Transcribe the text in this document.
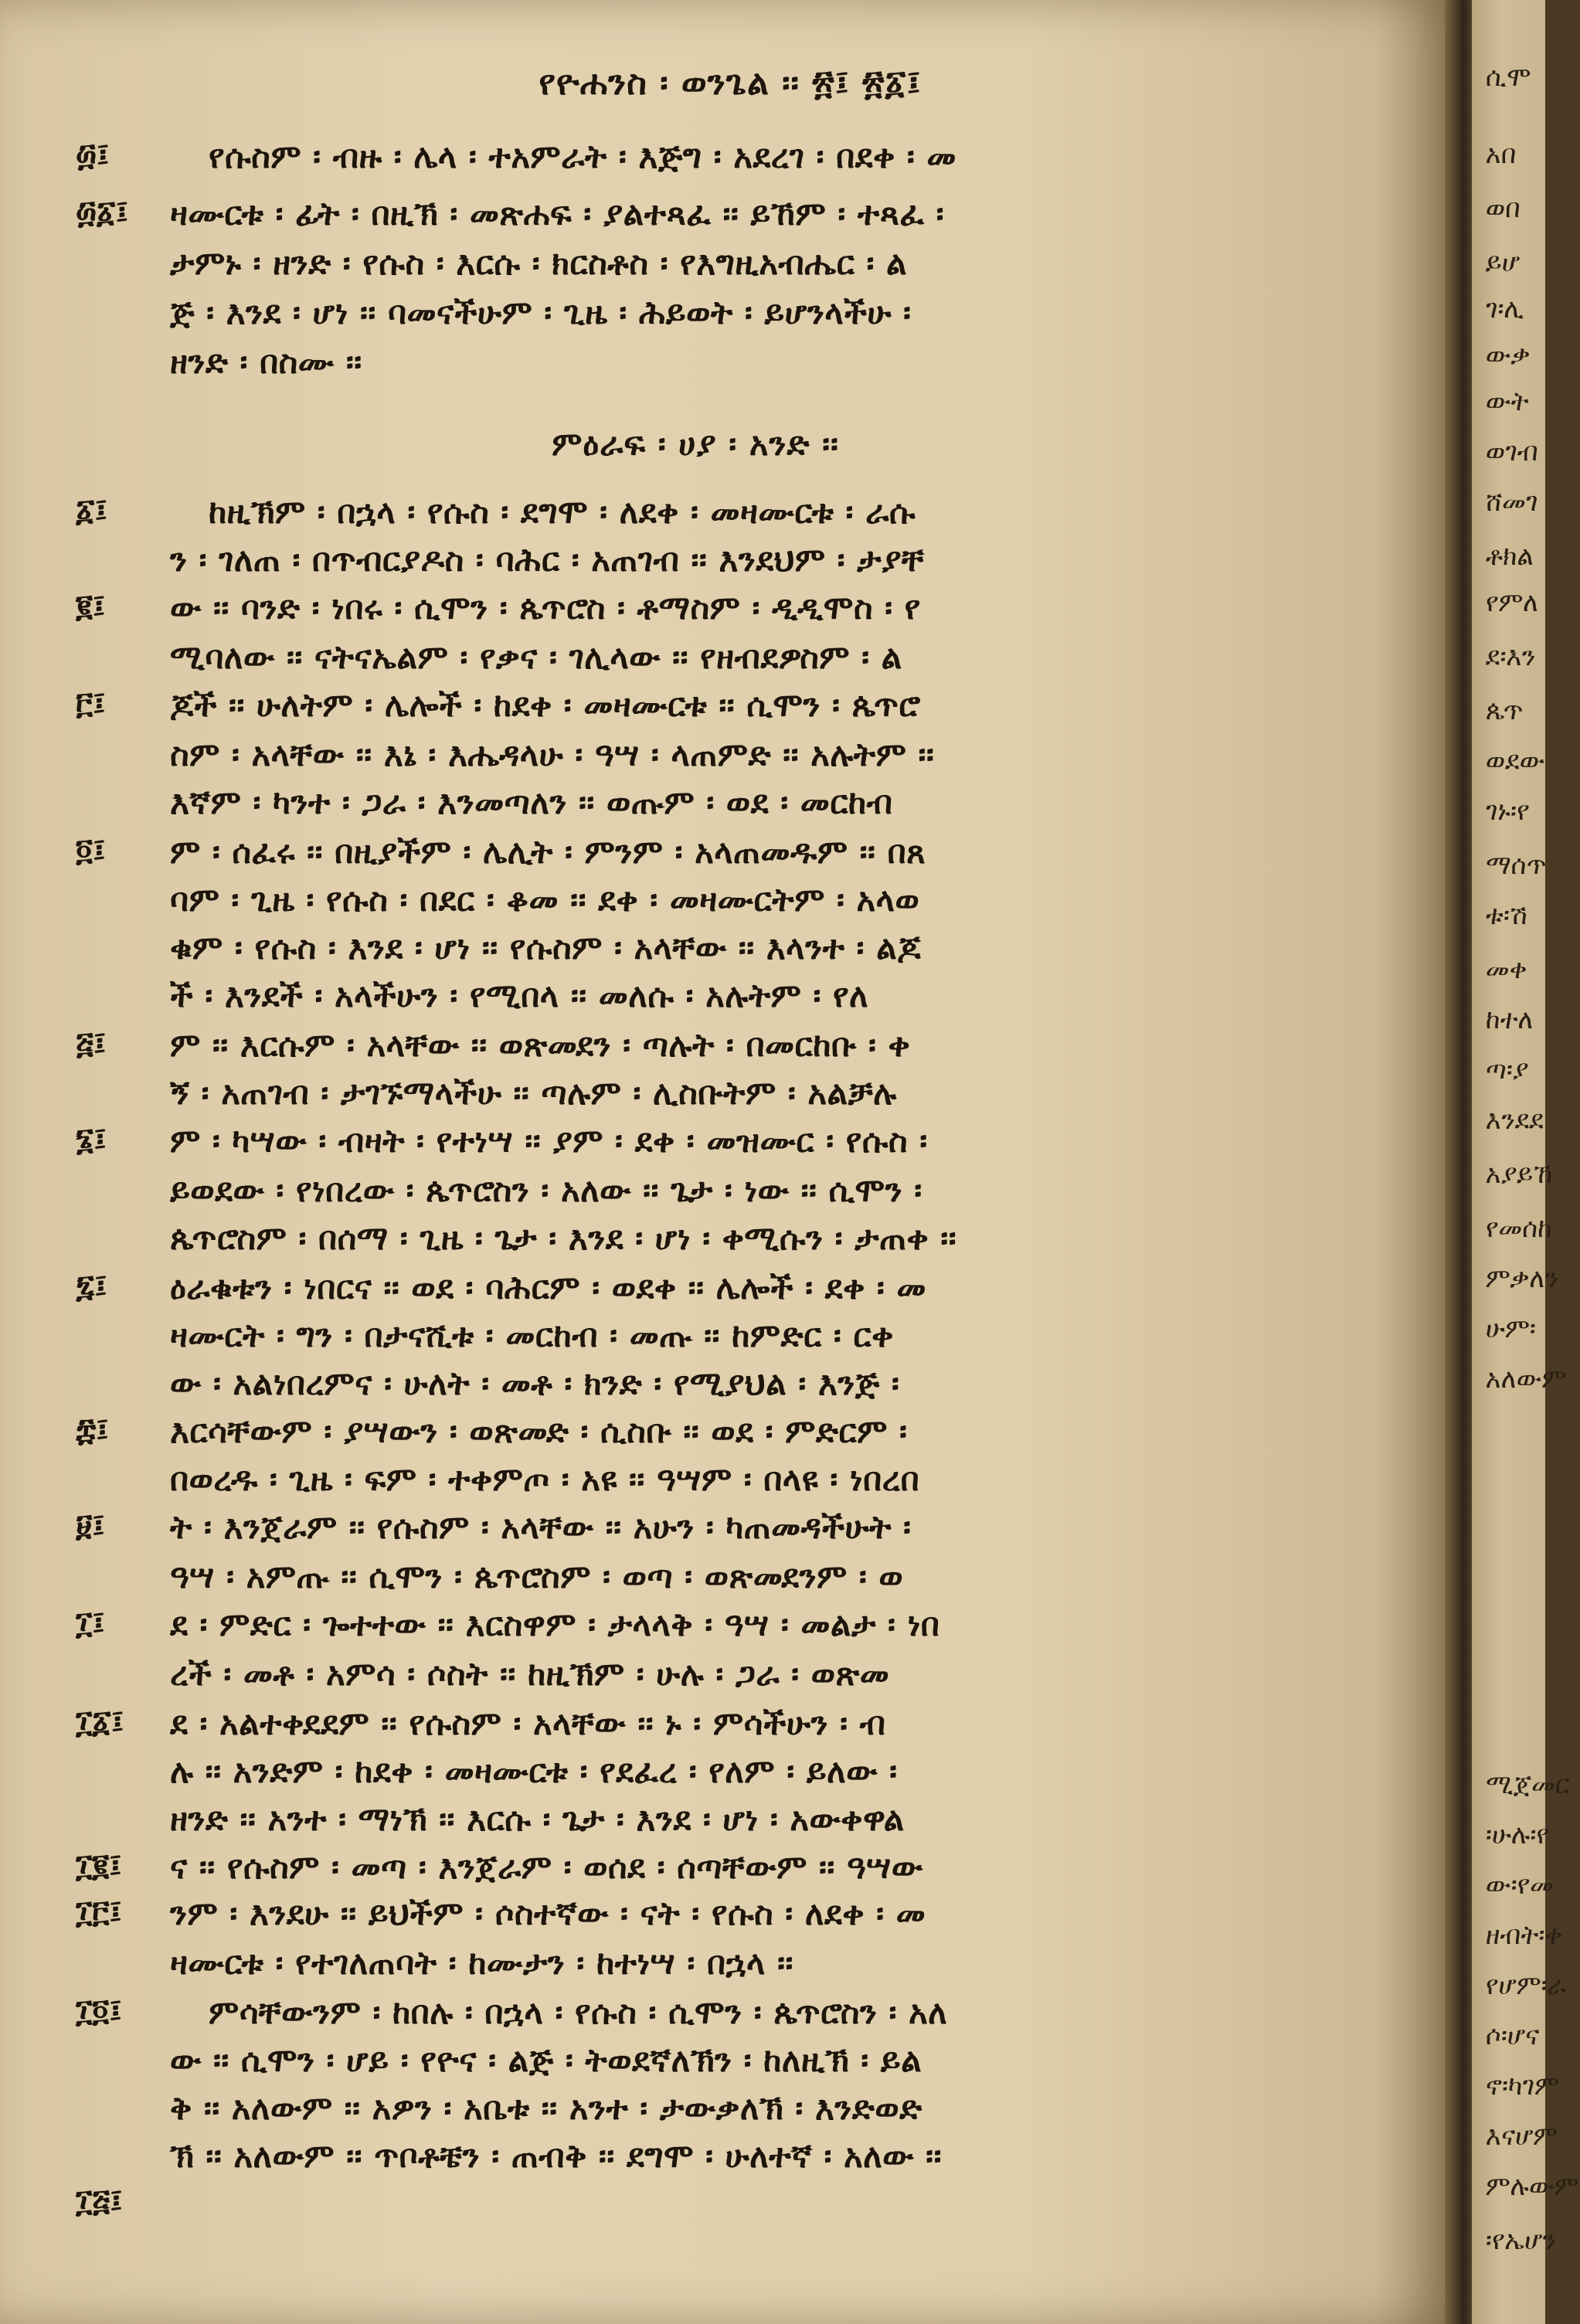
የዮሐንስ ፡ ወንጌል ፡፡ ፳፤ ፳፩፤
ምዕራፍ ፡ ሀያ ፡ አንድ ፡፡
፴፤
፴፩፤
፩፤
፪፤
፫፤
፬፤
፭፤
፮፤
፯፤
፰፤
፱፤
፲፤
፲፩፤
፲፪፤
፲፫፤
፲፬፤
፲፭፤
የሱስም ፡ ብዙ ፡ ሌላ ፡ ተአምራት ፡ እጅግ ፡ አደረገ ፡ በደቀ ፡ መ
ዛሙርቱ ፡ ፊት ፡ በዚኽ ፡ መጽሐፍ ፡ ያልተጻፈ ፡፡ ይኸም ፡ ተጻፈ ፡
ታምኑ ፡ ዘንድ ፡ የሱስ ፡ እርሱ ፡ ክርስቶስ ፡ የእግዚአብሔር ፡ ል
ጅ ፡ እንደ ፡ ሆነ ፡፡ ባመናችሁም ፡ ጊዜ ፡ ሕይወት ፡ ይሆንላችሁ ፡
ዘንድ ፡ በስሙ ፡፡
ከዚኽም ፡ በኋላ ፡ የሱስ ፡ ደግሞ ፡ ለደቀ ፡ መዛሙርቱ ፡ ራሱ
ን ፡ ገለጠ ፡ በጥብርያዶስ ፡ ባሕር ፡ አጠገብ ፡፡ እንደህም ፡ ታያቸ
ው ፡፡ ባንድ ፡ ነበሩ ፡ ሲሞን ፡ ጴጥሮስ ፡ ቶማስም ፡ ዲዲሞስ ፡ የ
ሚባለው ፡፡ ናትናኤልም ፡ የቃና ፡ ገሊላው ፡፡ የዘብደዎስም ፡ ል
ጆች ፡፡ ሁለትም ፡ ሌሎች ፡ ከደቀ ፡ መዛሙርቱ ፡፡ ሲሞን ፡ ጴጥሮ
ስም ፡ አላቸው ፡፡ እኔ ፡ እሔዳላሁ ፡ ዓሣ ፡ ላጠምድ ፡፡ አሉትም ፡፡
እኛም ፡ ካንተ ፡ ጋራ ፡ እንመጣለን ፡፡ ወጡም ፡ ወደ ፡ መርከብ
ም ፡ ሰፈሩ ፡፡ በዚያችም ፡ ሌሊት ፡ ምንም ፡ አላጠመዱም ፡፡ በጸ
ባም ፡ ጊዜ ፡ የሱስ ፡ በደር ፡ ቆመ ፡፡ ደቀ ፡ መዛሙርትም ፡ አላወ
ቁም ፡ የሱስ ፡ እንደ ፡ ሆነ ፡፡ የሱስም ፡ አላቸው ፡፡ እላንተ ፡ ልጆ
ች ፡ እንደች ፡ አላችሁን ፡ የሚበላ ፡፡ መለሱ ፡ አሉትም ፡ የለ
ም ፡፡ እርሱም ፡ አላቸው ፡፡ ወጽመደን ፡ ጣሉት ፡ በመርከቡ ፡ ቀ
ኝ ፡ አጠገብ ፡ ታገኙማላችሁ ፡፡ ጣሉም ፡ ሊስቡትም ፡ አልቻሉ
ም ፡ ካሣው ፡ ብዛት ፡ የተነሣ ፡፡ ያም ፡ ደቀ ፡ መዝሙር ፡ የሱስ ፡
ይወደው ፡ የነበረው ፡ ጴጥሮስን ፡ አለው ፡፡ ጌታ ፡ ነው ፡፡ ሲሞን ፡
ጴጥሮስም ፡ በሰማ ፡ ጊዜ ፡ ጌታ ፡ እንደ ፡ ሆነ ፡ ቀሚሱን ፡ ታጠቀ ፡፡
ዕራቁቱን ፡ ነበርና ፡፡ ወደ ፡ ባሕርም ፡ ወደቀ ፡፡ ሌሎች ፡ ደቀ ፡ መ
ዛሙርት ፡ ግን ፡ በታናሺቱ ፡ መርከብ ፡ መጡ ፡፡ ከምድር ፡ ርቀ
ው ፡ አልነበረምና ፡ ሁለት ፡ መቶ ፡ ክንድ ፡ የሚያህል ፡ እንጅ ፡
እርሳቸውም ፡ ያሣውን ፡ ወጽመድ ፡ ሲስቡ ፡፡ ወደ ፡ ምድርም ፡
በወረዱ ፡ ጊዜ ፡ ፍም ፡ ተቀምጦ ፡ አዩ ፡፡ ዓሣም ፡ በላዩ ፡ ነበረበ
ት ፡ እንጀራም ፡፡ የሱስም ፡ አላቸው ፡፡ አሁን ፡ ካጠመዳችሁት ፡
ዓሣ ፡ አምጡ ፡፡ ሲሞን ፡ ጴጥሮስም ፡ ወጣ ፡ ወጽመደንም ፡ ወ
ደ ፡ ምድር ፡ ጐተተው ፡፡ እርስዋም ፡ ታላላቅ ፡ ዓሣ ፡ መልታ ፡ ነበ
ረች ፡ መቶ ፡ አምሳ ፡ ሶስት ፡፡ ከዚኽም ፡ ሁሉ ፡ ጋራ ፡ ወጽመ
ደ ፡ አልተቀደደም ፡፡ የሱስም ፡ አላቸው ፡፡ ኑ ፡ ምሳችሁን ፡ ብ
ሉ ፡፡ አንድም ፡ ከደቀ ፡ መዛሙርቱ ፡ የደፈረ ፡ የለም ፡ ይለው ፡
ዘንድ ፡፡ አንተ ፡ ማነኽ ፡፡ እርሱ ፡ ጌታ ፡ እንደ ፡ ሆነ ፡ አውቀዋል
ና ፡፡ የሱስም ፡ መጣ ፡ እንጀራም ፡ ወሰደ ፡ ሰጣቸውም ፡፡ ዓሣው
ንም ፡ እንደሁ ፡፡ ይህችም ፡ ሶስተኛው ፡ ናት ፡ የሱስ ፡ ለደቀ ፡ መ
ዛሙርቱ ፡ የተገለጠባት ፡ ከሙታን ፡ ከተነሣ ፡ በኋላ ፡፡
ምሳቸውንም ፡ ከበሉ ፡ በኋላ ፡ የሱስ ፡ ሲሞን ፡ ጴጥሮስን ፡ አለ
ው ፡፡ ሲሞን ፡ ሆይ ፡ የዮና ፡ ልጅ ፡ ትወደኛለኽን ፡ ከለዚኽ ፡ ይል
ቅ ፡፡ አለውም ፡፡ አዎን ፡ አቤቱ ፡፡ አንተ ፡ ታውቃለኽ ፡ እንድወድ
ኽ ፡፡ አለውም ፡፡ ጥቦቶቼን ፡ ጠብቅ ፡፡ ደግሞ ፡ ሁለተኛ ፡ አለው ፡፡
ሲሞ
አበ
ወበ
ይሆ
ገ፡ሊ
ውቃ
ውት
ወገብ
ሸመገ
ቶክል
የምለ
ደ፡እን
ጴጥ
ወደው
ገኑ፡የ
ማሰጥ
ቱ፡ሽ
መቀ
ከተለ
ጣ፡ያ
እንደደ
አያይኸ
የመሰከ
ምቃለን
ሁም፡
አለውም
ሚጀመር
፡ሁሉ፡የ
ው፡የመ
ዘብት፡ቀ
የሆም፡ራ
ሶ፡ሆና
ኖ፡ካገም
እናሆም
ምሉውም
፡የኤሆን
